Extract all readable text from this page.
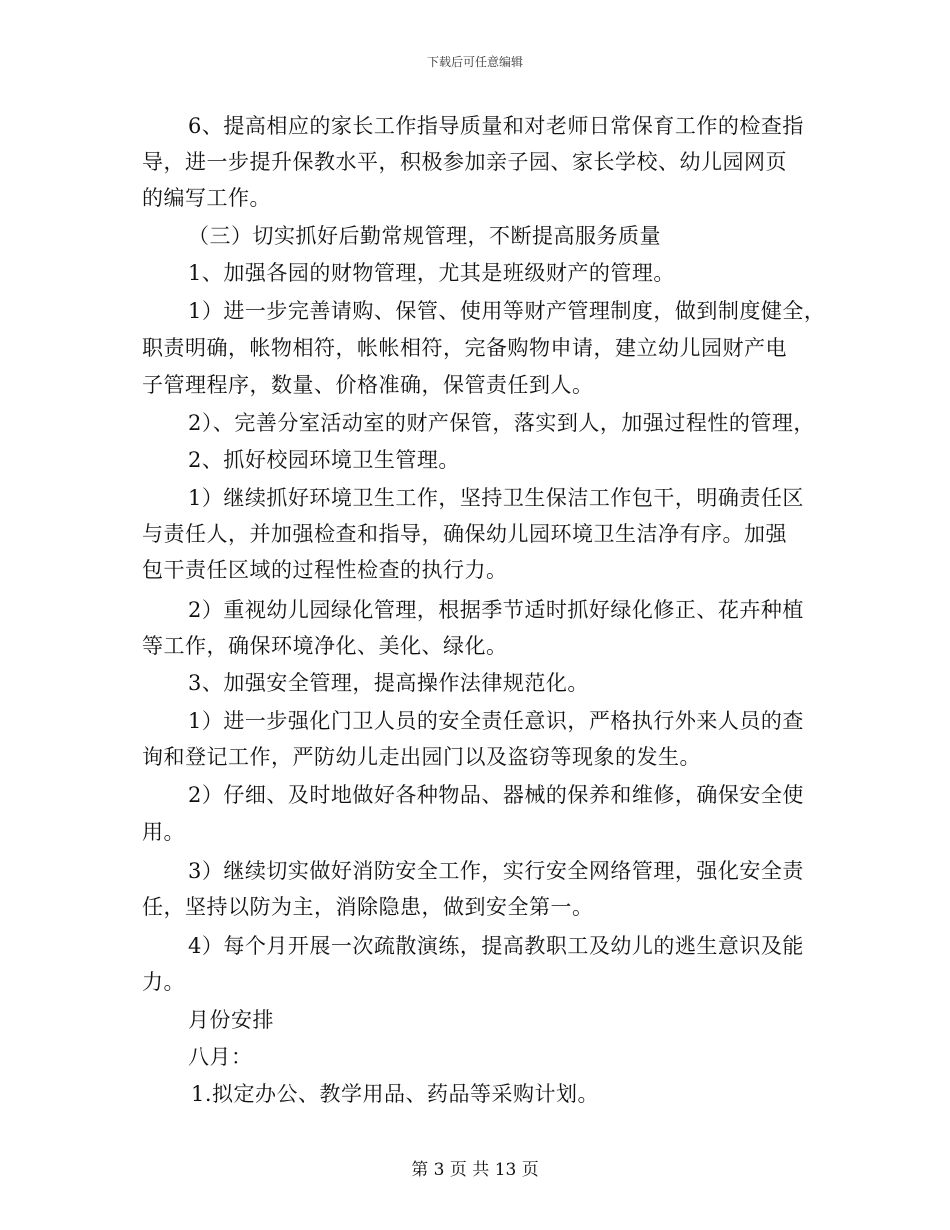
下载后可任意编辑
6、提高相应的家长工作指导质量和对老师日常保育工作的检查指
导，进一步提升保教水平，积极参加亲子园、家长学校、幼儿园网页
的编写工作。
（三）切实抓好后勤常规管理，不断提高服务质量
1、加强各园的财物管理，尤其是班级财产的管理。
1）进一步完善请购、保管、使用等财产管理制度，做到制度健全，
职责明确，帐物相符，帐帐相符，完备购物申请，建立幼儿园财产电
子管理程序，数量、价格准确，保管责任到人。
2）、完善分室活动室的财产保管，落实到人，加强过程性的管理，
2、抓好校园环境卫生管理。
1）继续抓好环境卫生工作，坚持卫生保洁工作包干，明确责任区
与责任人，并加强检查和指导，确保幼儿园环境卫生洁净有序。加强
包干责任区域的过程性检查的执行力。
2）重视幼儿园绿化管理，根据季节适时抓好绿化修正、花卉种植
等工作，确保环境净化、美化、绿化。
3、加强安全管理，提高操作法律规范化。
1）进一步强化门卫人员的安全责任意识，严格执行外来人员的查
询和登记工作，严防幼儿走出园门以及盗窃等现象的发生。
2）仔细、及时地做好各种物品、器械的保养和维修，确保安全使
用。
3）继续切实做好消防安全工作，实行安全网络管理，强化安全责
任，坚持以防为主，消除隐患，做到安全第一。
4）每个月开展一次疏散演练，提高教职工及幼儿的逃生意识及能
力。
月份安排
八月：
1.拟定办公、教学用品、药品等采购计划。
第 3 页 共 13 页
